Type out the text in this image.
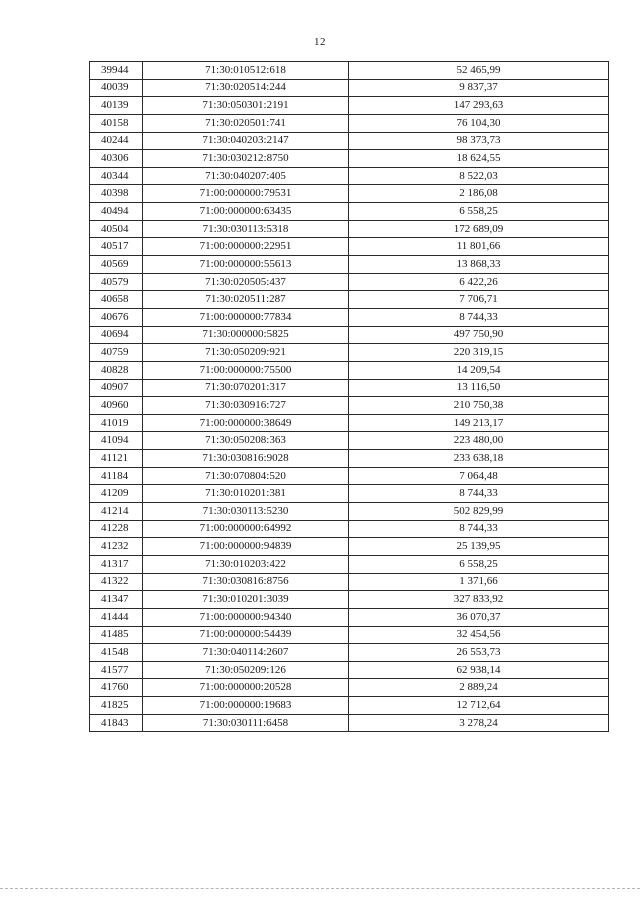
12
39944	71:30:010512:618	52 465,99
40039	71:30:020514:244	9 837,37
40139	71:30:050301:2191	147 293,63
40158	71:30:020501:741	76 104,30
40244	71:30:040203:2147	98 373,73
40306	71:30:030212:8750	18 624,55
40344	71:30:040207:405	8 522,03
40398	71:00:000000:79531	2 186,08
40494	71:00:000000:63435	6 558,25
40504	71:30:030113:5318	172 689,09
40517	71:00:000000:22951	11 801,66
40569	71:00:000000:55613	13 868,33
40579	71:30:020505:437	6 422,26
40658	71:30:020511:287	7 706,71
40676	71:00:000000:77834	8 744,33
40694	71:30:000000:5825	497 750,90
40759	71:30:050209:921	220 319,15
40828	71:00:000000:75500	14 209,54
40907	71:30:070201:317	13 116,50
40960	71:30:030916:727	210 750,38
41019	71:00:000000:38649	149 213,17
41094	71:30:050208:363	223 480,00
41121	71:30:030816:9028	233 638,18
41184	71:30:070804:520	7 064,48
41209	71:30:010201:381	8 744,33
41214	71:30:030113:5230	502 829,99
41228	71:00:000000:64992	8 744,33
41232	71:00:000000:94839	25 139,95
41317	71:30:010203:422	6 558,25
41322	71:30:030816:8756	1 371,66
41347	71:30:010201:3039	327 833,92
41444	71:00:000000:94340	36 070,37
41485	71:00:000000:54439	32 454,56
41548	71:30:040114:2607	26 553,73
41577	71:30:050209:126	62 938,14
41760	71:00:000000:20528	2 889,24
41825	71:00:000000:19683	12 712,64
41843	71:30:030111:6458	3 278,24
